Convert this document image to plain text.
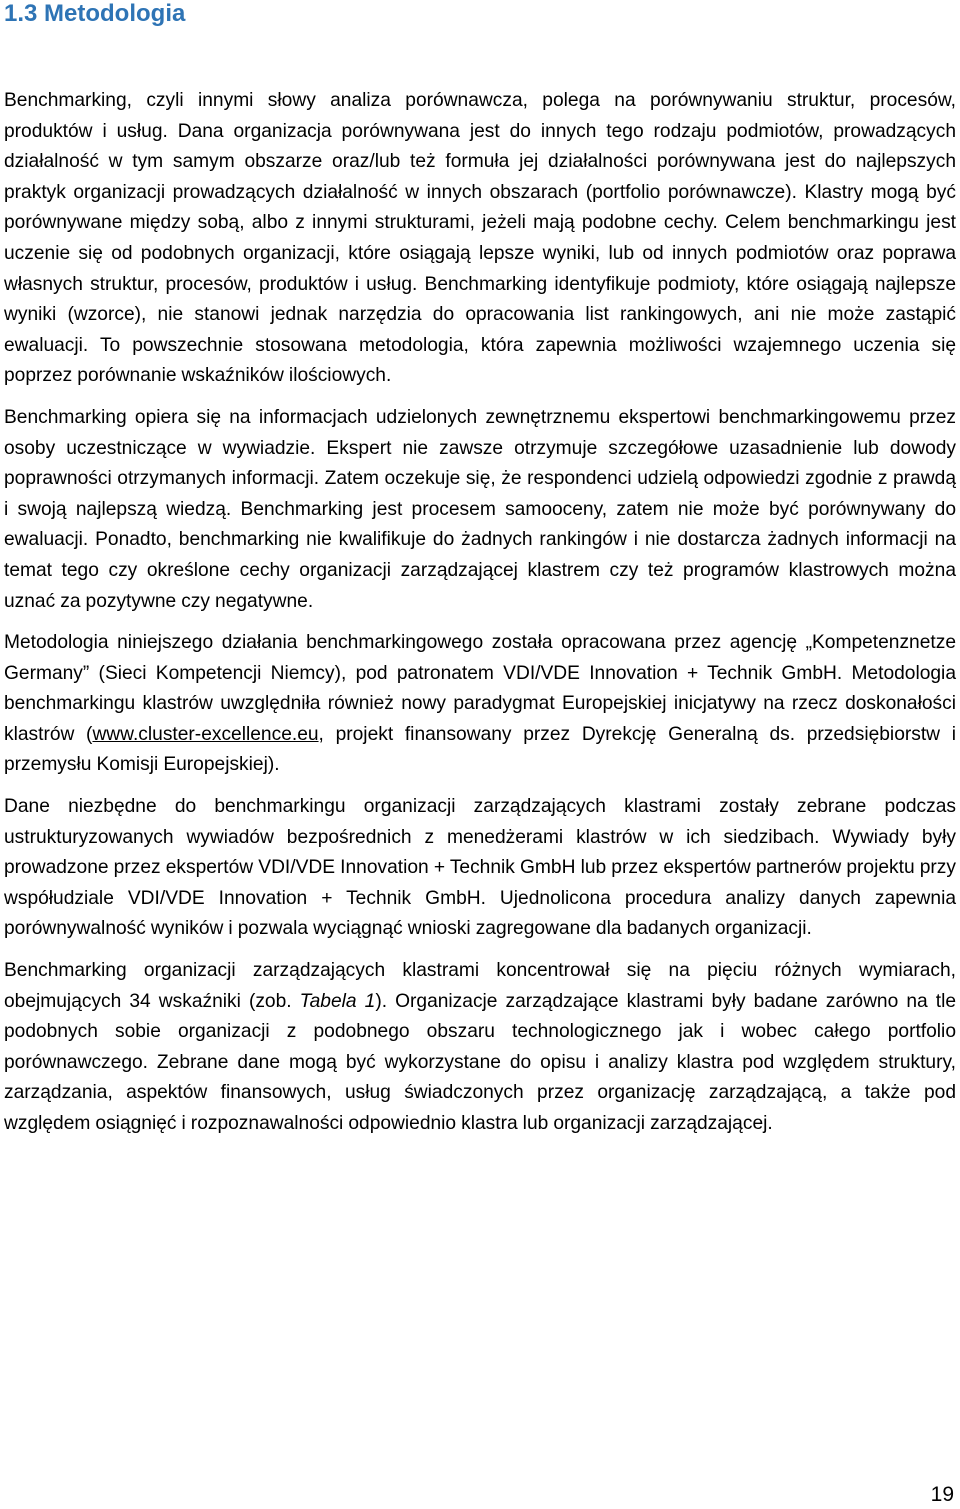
1.3 Metodologia

Benchmarking, czyli innymi słowy analiza porównawcza, polega na porównywaniu struktur, procesów, produktów i usług. Dana organizacja porównywana jest do innych tego rodzaju podmiotów, prowadzących działalność w tym samym obszarze oraz/lub też formuła jej działalności porównywana jest do najlepszych praktyk organizacji prowadzących działalność w innych obszarach (portfolio porównawcze). Klastry mogą być porównywane między sobą, albo z innymi strukturami, jeżeli mają podobne cechy. Celem benchmarkingu jest uczenie się od podobnych organizacji, które osiągają lepsze wyniki, lub od innych podmiotów oraz poprawa własnych struktur, procesów, produktów i usług. Benchmarking identyfikuje podmioty, które osiągają najlepsze wyniki (wzorce), nie stanowi jednak narzędzia do opracowania list rankingowych, ani nie może zastąpić ewaluacji. To powszechnie stosowana metodologia, która zapewnia możliwości wzajemnego uczenia się poprzez porównanie wskaźników ilościowych.

Benchmarking opiera się na informacjach udzielonych zewnętrznemu ekspertowi benchmarkingowemu przez osoby uczestniczące w wywiadzie. Ekspert nie zawsze otrzymuje szczegółowe uzasadnienie lub dowody poprawności otrzymanych informacji. Zatem oczekuje się, że respondenci udzielą odpowiedzi zgodnie z prawdą i swoją najlepszą wiedzą. Benchmarking jest procesem samooceny, zatem nie może być porównywany do ewaluacji. Ponadto, benchmarking nie kwalifikuje do żadnych rankingów i nie dostarcza żadnych informacji na temat tego czy określone cechy organizacji zarządzającej klastrem czy też programów klastrowych można uznać za pozytywne czy negatywne.

Metodologia niniejszego działania benchmarkingowego została opracowana przez agencję „Kompetenznetze Germany” (Sieci Kompetencji Niemcy), pod patronatem VDI/VDE Innovation + Technik GmbH. Metodologia benchmarkingu klastrów uwzględniła również nowy paradygmat Europejskiej inicjatywy na rzecz doskonałości klastrów (www.cluster-excellence.eu, projekt finansowany przez Dyrekcję Generalną ds. przedsiębiorstw i przemysłu Komisji Europejskiej).

Dane niezbędne do benchmarkingu organizacji zarządzających klastrami zostały zebrane podczas ustrukturyzowanych wywiadów bezpośrednich z menedżerami klastrów w ich siedzibach. Wywiady były prowadzone przez ekspertów VDI/VDE Innovation + Technik GmbH lub przez ekspertów partnerów projektu przy współudziale VDI/VDE Innovation + Technik GmbH. Ujednolicona procedura analizy danych zapewnia porównywalność wyników i pozwala wyciągnąć wnioski zagregowane dla badanych organizacji.

Benchmarking organizacji zarządzających klastrami koncentrował się na pięciu różnych wymiarach, obejmujących 34 wskaźniki (zob. Tabela 1). Organizacje zarządzające klastrami były badane zarówno na tle podobnych sobie organizacji z podobnego obszaru technologicznego jak i wobec całego portfolio porównawczego. Zebrane dane mogą być wykorzystane do opisu i analizy klastra pod względem struktury, zarządzania, aspektów finansowych, usług świadczonych przez organizację zarządzającą, a także pod względem osiągnięć i rozpoznawalności odpowiednio klastra lub organizacji zarządzającej.

19
